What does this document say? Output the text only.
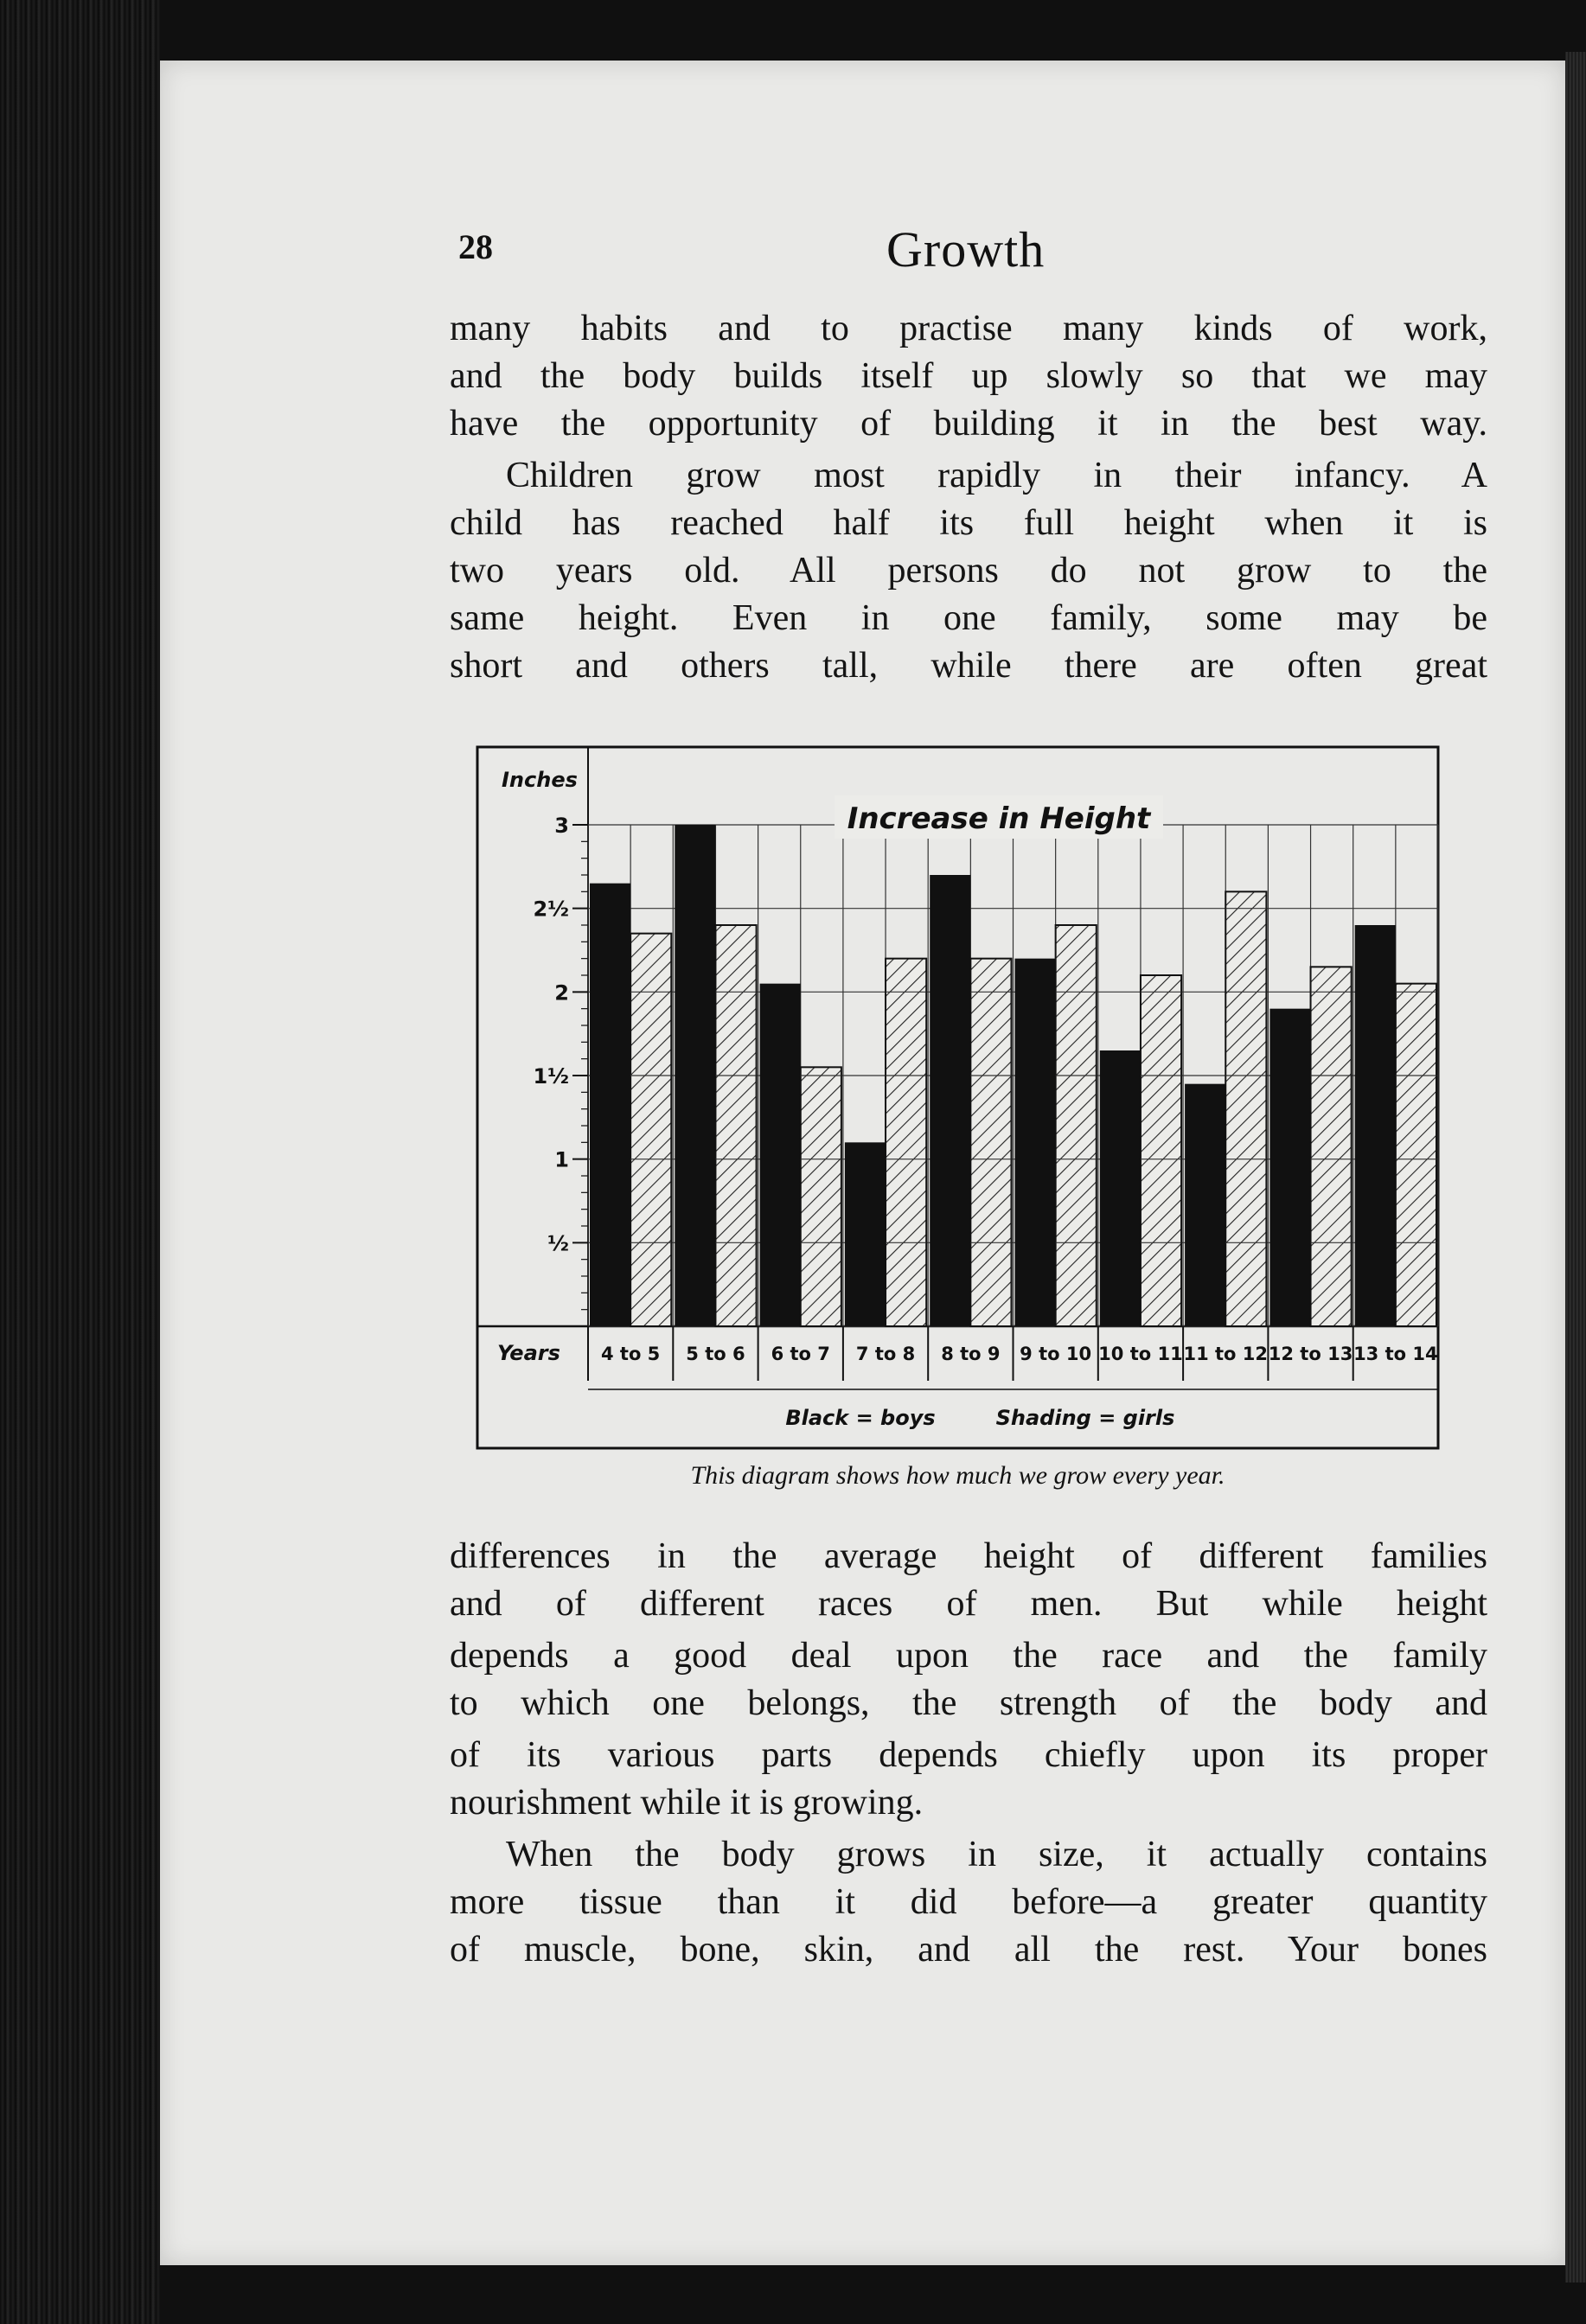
28	Growth

many habits and to practise many kinds of work,

and the body builds itself up slowly so that we may

have the opportunity of building it in the best way.

Children grow most rapidly in their infancy. A

child has reached half its full height when it is

two years old. All persons do not grow to the

same height. Even in one family, some may be

short and others tall, while there are often great

3
2½
2
1½
1
½
4 to 5 5 to 6 6 to 7 7 to 8 8 to 9 9 to 10 10 to 11 11 to 12 12 to 13 13 to 14
Inches
Years
Increase in Height
Black = boys	Shading = girls
This diagram shows how much we grow every year.

differences in the average height of different families

and of different races of men. But while height

depends a good deal upon the race and the family

to which one belongs, the strength of the body and

of its various parts depends chiefly upon its proper

nourishment while it is growing.

When the body grows in size, it actually contains

more tissue than it did before—a greater quantity

of muscle, bone, skin, and all the rest. Your bones
